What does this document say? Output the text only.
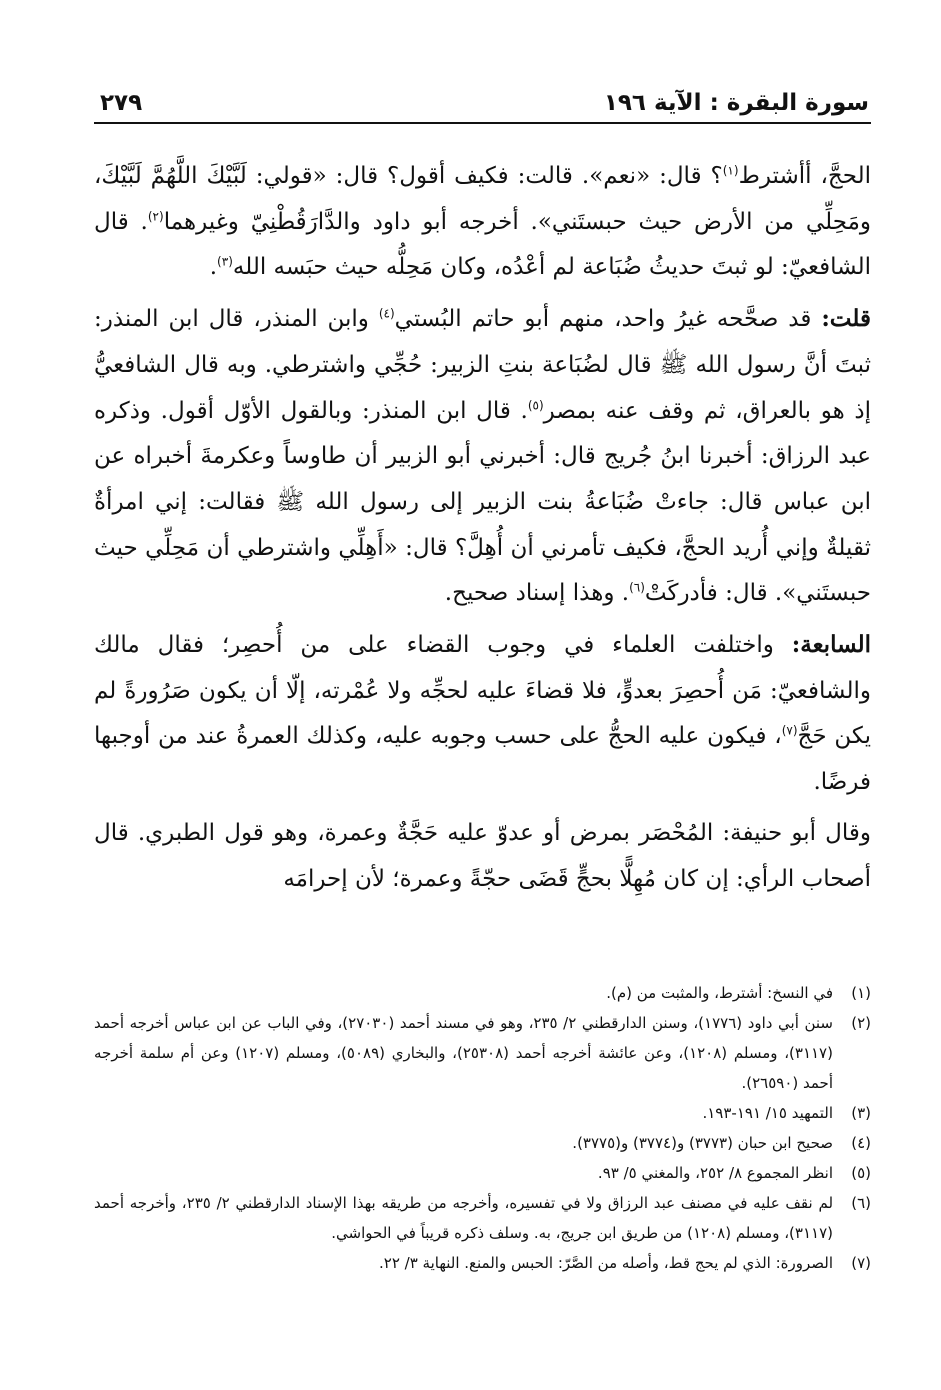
سورة البقرة : الآية ١٩٦
٢٧٩

الحجَّ، أأشترط$^{(١)}$؟ قال: «نعم». قالت: فكيف أقول؟ قال: «قولي: لَبَّيْكَ اللَّهُمَّ لَبَّيْكَ، ومَحِلِّي من الأرض حيث حبستَني». أخرجه أبو داود والدَّارَقُطْنِيّ وغيرهما$^{(٢)}$. قال الشافعيّ: لو ثبتَ حديثُ ضُبَاعة لم أعْدُه، وكان مَحِلُّه حيث حبَسه الله$^{(٣)}$.

قلت: قد صحَّحه غيرُ واحد، منهم أبو حاتم البُستي$^{(٤)}$ وابن المنذر، قال ابن المنذر: ثبتَ أنَّ رسول الله ﷺ قال لضُبَاعة بنتِ الزبير: حُجِّي واشترطي. وبه قال الشافعيُّ إذ هو بالعراق، ثم وقف عنه بمصر$^{(٥)}$. قال ابن المنذر: وبالقول الأوّل أقول. وذكره عبد الرزاق: أخبرنا ابنُ جُريج قال: أخبرني أبو الزبير أن طاوساً وعكرمةَ أخبراه عن ابن عباس قال: جاءتْ ضُبَاعةُ بنت الزبير إلى رسول الله ﷺ فقالت: إني امرأةٌ ثقيلةٌ وإني أُريد الحجَّ، فكيف تأمرني أن أُهِلَّ؟ قال: «أَهِلِّي واشترطي أن مَحِلِّي حيث حبستَني». قال: فأدركَتْ$^{(٦)}$. وهذا إسناد صحيح.

السابعة: واختلفت العلماء في وجوب القضاء على من أُحصِر؛ فقال مالك والشافعيّ: مَن أُحصِرَ بعدوٍّ، فلا قضاءَ عليه لحجِّه ولا عُمْرته، إلّا أن يكون صَرُورةً لم يكن حَجَّ$^{(٧)}$، فيكون عليه الحجُّ على حسب وجوبه عليه، وكذلك العمرةُ عند من أوجبها فرضًا.

وقال أبو حنيفة: المُحْصَر بمرض أو عدوّ عليه حَجَّةٌ وعمرة، وهو قول الطبري. قال أصحاب الرأي: إن كان مُهِلًّا بحجٍّ قَضَى حجّةً وعمرة؛ لأن إحرامَه

(١)
في النسخ: أشترط، والمثبت من (م).
(٢)
سنن أبي داود (١٧٧٦)، وسنن الدارقطني ٢/ ٢٣٥، وهو في مسند أحمد (٢٧٠٣٠)، وفي الباب عن ابن عباس أخرجه أحمد (٣١١٧)، ومسلم (١٢٠٨)، وعن عائشة أخرجه أحمد (٢٥٣٠٨)، والبخاري (٥٠٨٩)، ومسلم (١٢٠٧) وعن أم سلمة أخرجه أحمد (٢٦٥٩٠).
(٣)
التمهيد ١٥/ ١٩١-١٩٣.
(٤)
صحيح ابن حبان (٣٧٧٣) و(٣٧٧٤) و(٣٧٧٥).
(٥)
انظر المجموع ٨/ ٢٥٢، والمغني ٥/ ٩٣.
(٦)
لم نقف عليه في مصنف عبد الرزاق ولا في تفسيره، وأخرجه من طريقه بهذا الإسناد الدارقطني ٢/ ٢٣٥، وأخرجه أحمد (٣١١٧)، ومسلم (١٢٠٨) من طريق ابن جريج، به. وسلف ذكره قريباً في الحواشي.
(٧)
الصرورة: الذي لم يحج قط، وأصله من الصَّرّ: الحبس والمنع. النهاية ٣/ ٢٢.
